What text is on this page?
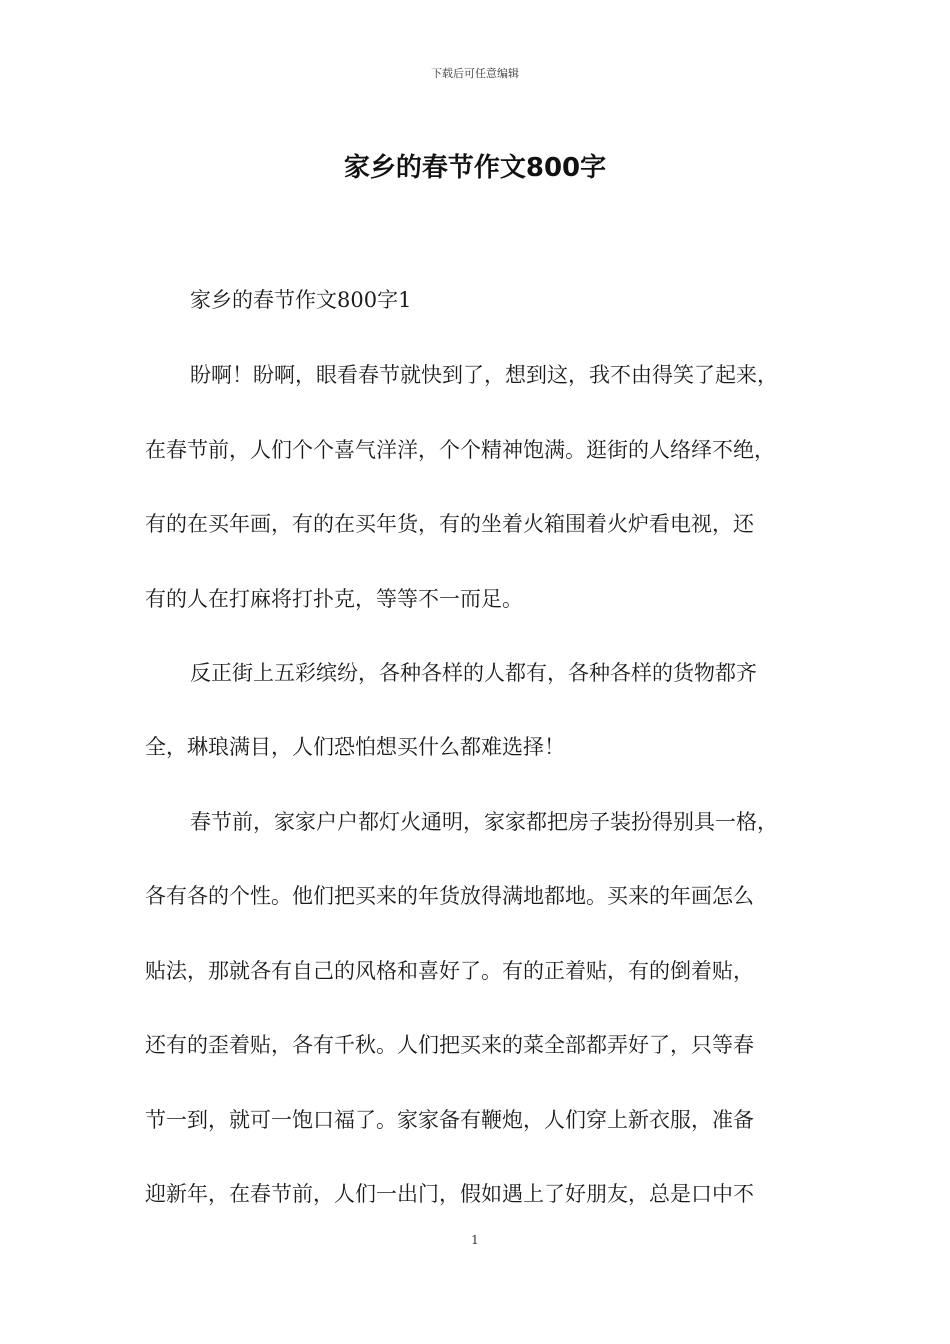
下载后可任意编辑
家乡的春节作文800字
家乡的春节作文800字1
盼啊！盼啊，眼看春节就快到了，想到这，我不由得笑了起来，
在春节前，人们个个喜气洋洋，个个精神饱满。逛街的人络绎不绝，
有的在买年画，有的在买年货，有的坐着火箱围着火炉看电视，还
有的人在打麻将打扑克，等等不一而足。
反正街上五彩缤纷，各种各样的人都有，各种各样的货物都齐
全，琳琅满目，人们恐怕想买什么都难选择！
春节前，家家户户都灯火通明，家家都把房子装扮得别具一格，
各有各的个性。他们把买来的年货放得满地都地。买来的年画怎么
贴法，那就各有自己的风格和喜好了。有的正着贴，有的倒着贴，
还有的歪着贴，各有千秋。人们把买来的菜全部都弄好了，只等春
节一到，就可一饱口福了。家家备有鞭炮，人们穿上新衣服，准备
迎新年，在春节前，人们一出门，假如遇上了好朋友，总是口中不
1
